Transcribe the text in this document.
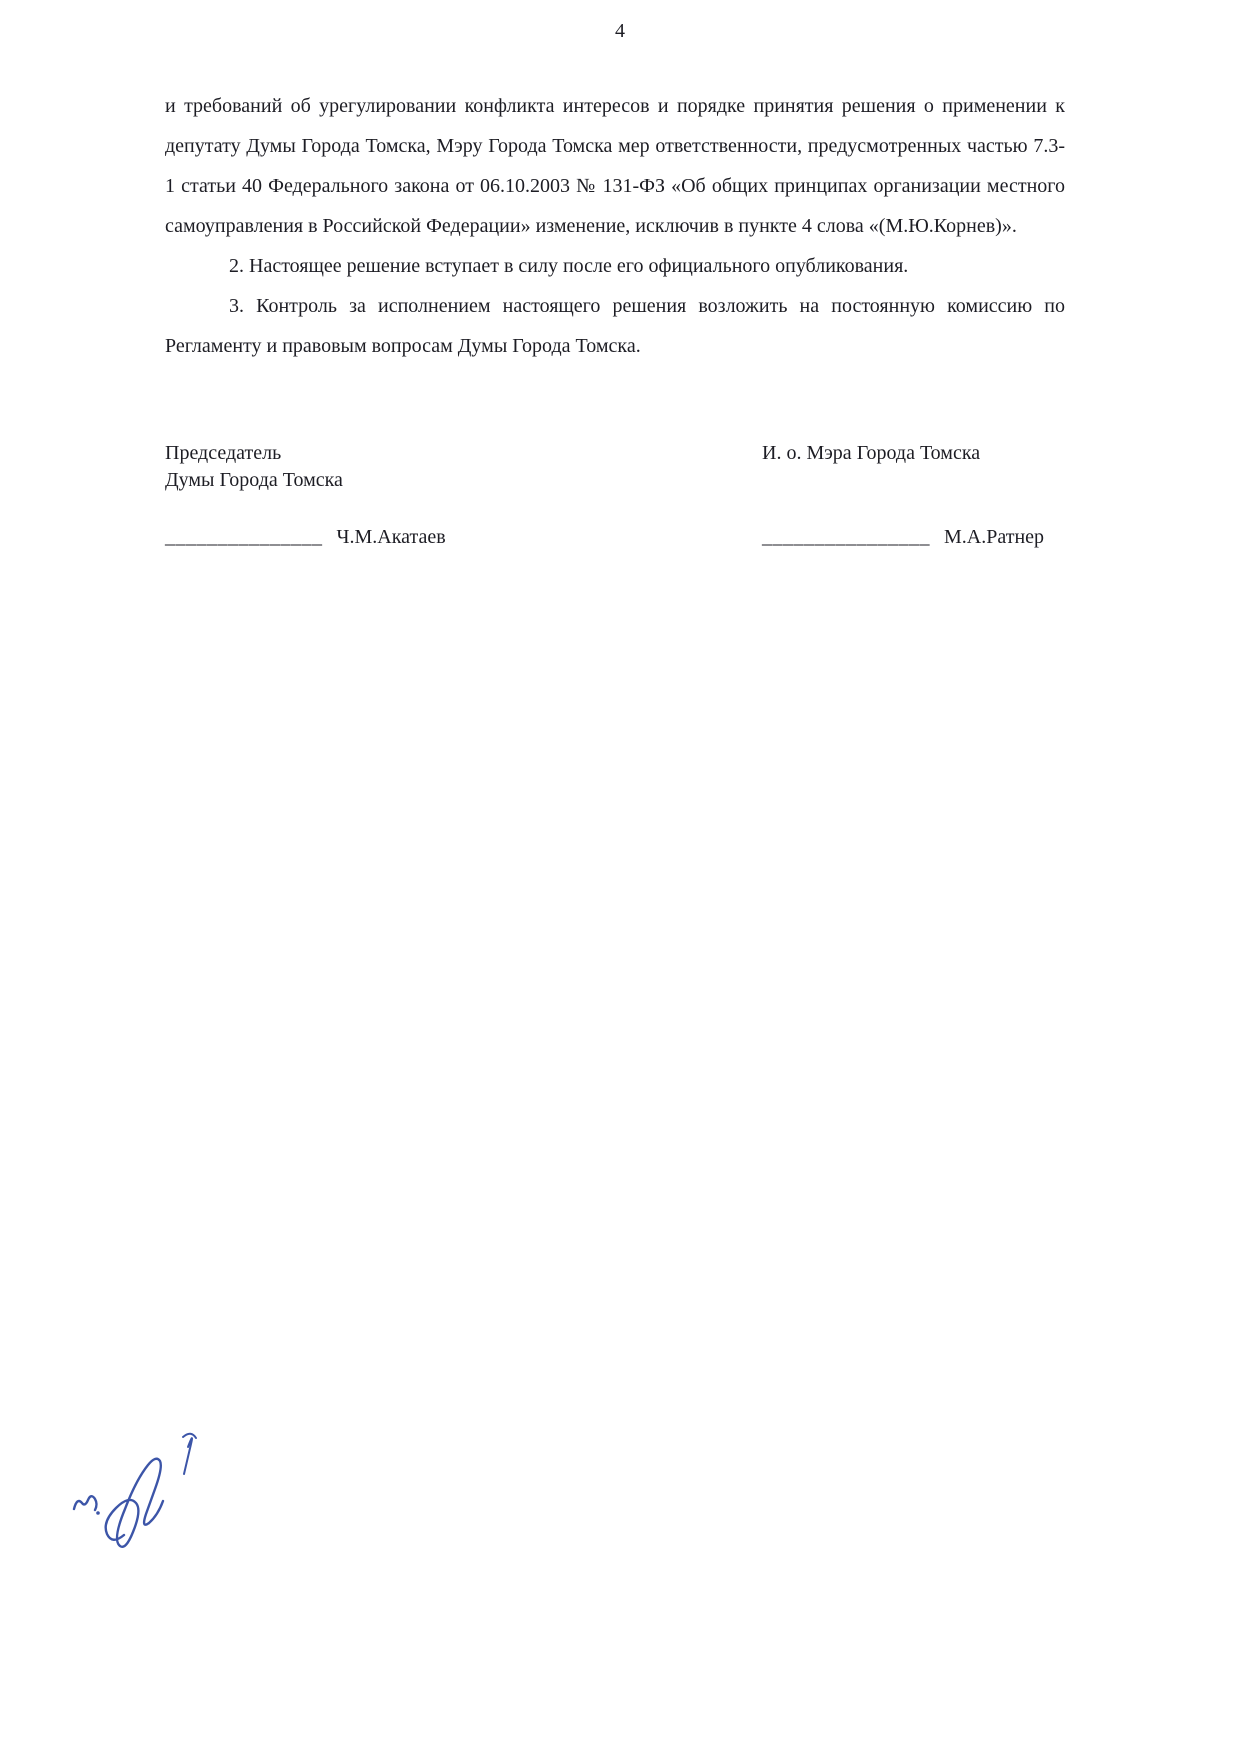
4

и требований об урегулировании конфликта интересов и порядке принятия решения о применении к депутату Думы Города Томска, Мэру Города Томска мер ответственности, предусмотренных частью 7.3-1 статьи 40 Федерального закона от 06.10.2003 № 131-ФЗ «Об общих принципах организации местного самоуправления в Российской Федерации» изменение, исключив в пункте 4 слова «(М.Ю.Корнев)».

2. Настоящее решение вступает в силу после его официального опубликования.

3. Контроль за исполнением настоящего решения возложить на постоянную комиссию по Регламенту и правовым вопросам Думы Города Томска.

Председатель
Думы Города Томска
И. о. Мэра Города Томска
_______________ Ч.М.Акатаев	________________ М.А.Ратнер
